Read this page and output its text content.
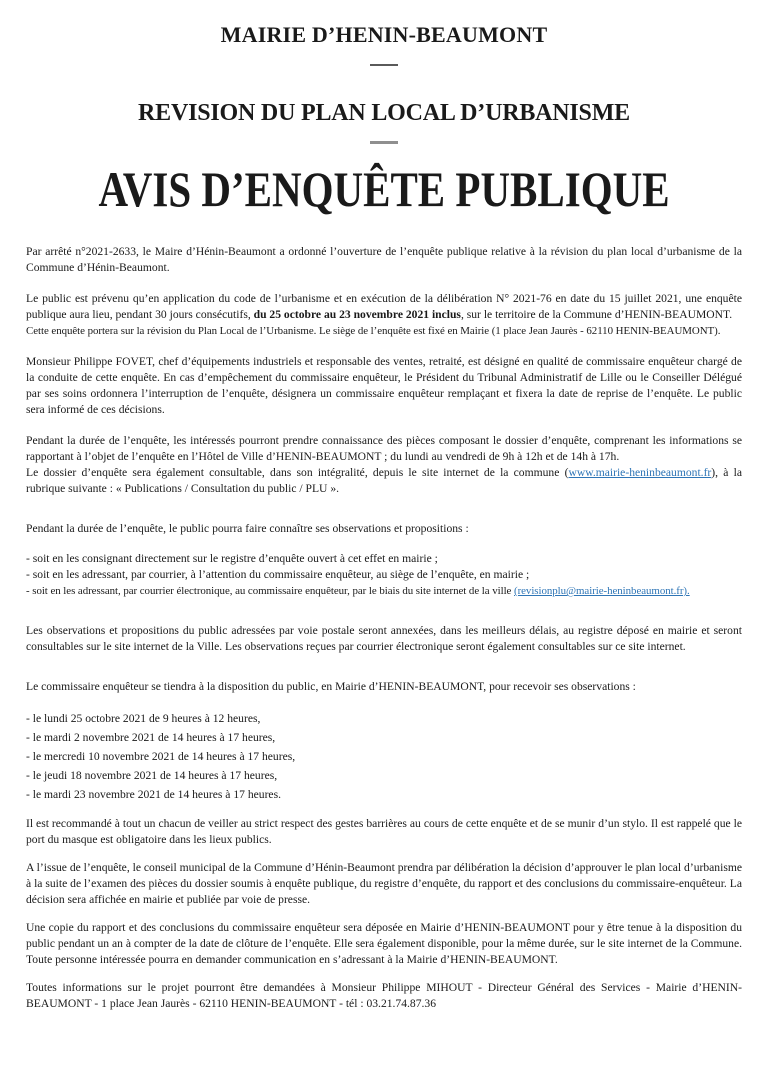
MAIRIE D’HENIN-BEAUMONT
REVISION DU PLAN LOCAL D’URBANISME
AVIS D’ENQUÊTE PUBLIQUE

Par arrêté n°2021-2633, le Maire d’Hénin-Beaumont a ordonné l’ouverture de l’enquête publique relative à la révision du plan local d’urbanisme de la Commune d’Hénin-Beaumont.

Le public est prévenu qu’en application du code de l’urbanisme et en exécution de la délibération N° 2021-76 en date du 15 juillet 2021, une enquête publique aura lieu, pendant 30 jours consécutifs, du 25 octobre au 23 novembre 2021 inclus, sur le territoire de la Commune d’HENIN-BEAUMONT.
Cette enquête portera sur la révision du Plan Local de l’Urbanisme. Le siège de l’enquête est fixé en Mairie (1 place Jean Jaurès - 62110 HENIN-BEAUMONT).

Monsieur Philippe FOVET, chef d’équipements industriels et responsable des ventes, retraité, est désigné en qualité de commissaire enquêteur chargé de la conduite de cette enquête. En cas d’empêchement du commissaire enquêteur, le Président du Tribunal Administratif de Lille ou le Conseiller Délégué par ses soins ordonnera l’interruption de l’enquête, désignera un commissaire enquêteur remplaçant et fixera la date de reprise de l’enquête. Le public sera informé de ces décisions.

Pendant la durée de l’enquête, les intéressés pourront prendre connaissance des pièces composant le dossier d’enquête, comprenant les informations se rapportant à l’objet de l’enquête en l’Hôtel de Ville d’HENIN-BEAUMONT ; du lundi au vendredi de 9h à 12h et de 14h à 17h.
Le dossier d’enquête sera également consultable, dans son intégralité, depuis le site internet de la commune (www.mairie-heninbeaumont.fr), à la rubrique suivante : « Publications / Consultation du public / PLU ».

Pendant la durée de l’enquête, le public pourra faire connaître ses observations et propositions :

- soit en les consignant directement sur le registre d’enquête ouvert à cet effet en mairie ;
- soit en les adressant, par courrier, à l’attention du commissaire enquêteur, au siège de l’enquête, en mairie ;
- soit en les adressant, par courrier électronique, au commissaire enquêteur, par le biais du site internet de la ville (revisionplu@mairie-heninbeaumont.fr).

Les observations et propositions du public adressées par voie postale seront annexées, dans les meilleurs délais, au registre déposé en mairie et seront consultables sur le site internet de la Ville. Les observations reçues par courrier électronique seront également consultables sur ce site internet.

Le commissaire enquêteur se tiendra à la disposition du public, en Mairie d’HENIN-BEAUMONT, pour recevoir ses observations :

- le lundi 25 octobre 2021 de 9 heures à 12 heures,
- le mardi 2 novembre 2021 de 14 heures à 17 heures,
- le mercredi 10 novembre 2021 de 14 heures à 17 heures,
- le jeudi 18 novembre 2021 de 14 heures à 17 heures,
- le mardi 23 novembre 2021 de 14 heures à 17 heures.

Il est recommandé à tout un chacun de veiller au strict respect des gestes barrières au cours de cette enquête et de se munir d’un stylo. Il est rappelé que le port du masque est obligatoire dans les lieux publics.

A l’issue de l’enquête, le conseil municipal de la Commune d’Hénin-Beaumont prendra par délibération la décision d’approuver le plan local d’urbanisme à la suite de l’examen des pièces du dossier soumis à enquête publique, du registre d’enquête, du rapport et des conclusions du commissaire-enquêteur. La décision sera affichée en mairie et publiée par voie de presse.

Une copie du rapport et des conclusions du commissaire enquêteur sera déposée en Mairie d’HENIN-BEAUMONT pour y être tenue à la disposition du public pendant un an à compter de la date de clôture de l’enquête. Elle sera également disponible, pour la même durée, sur le site internet de la Commune. Toute personne intéressée pourra en demander communication en s’adressant à la Mairie d’HENIN-BEAUMONT.

Toutes informations sur le projet pourront être demandées à Monsieur Philippe MIHOUT - Directeur Général des Services - Mairie d’HENIN-BEAUMONT - 1 place Jean Jaurès - 62110 HENIN-BEAUMONT - tél : 03.21.74.87.36
